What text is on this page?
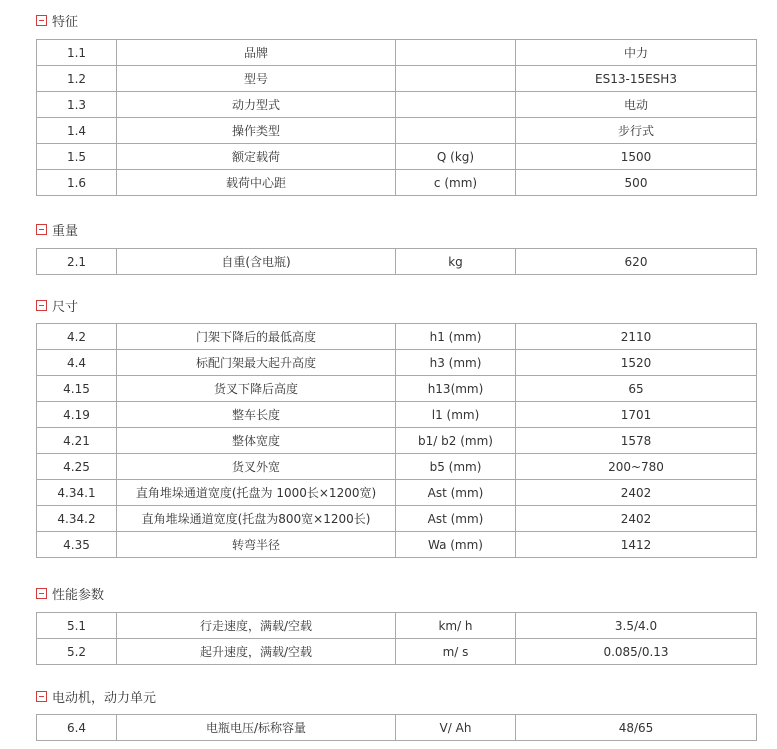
特征
1.1	品牌		中力
1.2	型号		ES13-15ESH3
1.3	动力型式		电动
1.4	操作类型		步行式
1.5	额定载荷	Q (kg)	1500
1.6	载荷中心距	c (mm)	500
重量
2.1	自重(含电瓶)	kg	620
尺寸
4.2	门架下降后的最低高度	h1 (mm)	2110
4.4	标配门架最大起升高度	h3 (mm)	1520
4.15	货叉下降后高度	h13(mm)	65
4.19	整车长度	l1 (mm)	1701
4.21	整体宽度	b1/ b2 (mm)	1578
4.25	货叉外宽	b5 (mm)	200~780
4.34.1	直角堆垛通道宽度(托盘为 1000长×1200宽)	Ast (mm)	2402
4.34.2	直角堆垛通道宽度(托盘为800宽×1200长)	Ast (mm)	2402
4.35	转弯半径	Wa (mm)	1412
性能参数
5.1	行走速度，满载/空载	km/ h	3.5/4.0
5.2	起升速度，满载/空载	m/ s	0.085/0.13
电动机，动力单元
6.4	电瓶电压/标称容量	V/ Ah	48/65
